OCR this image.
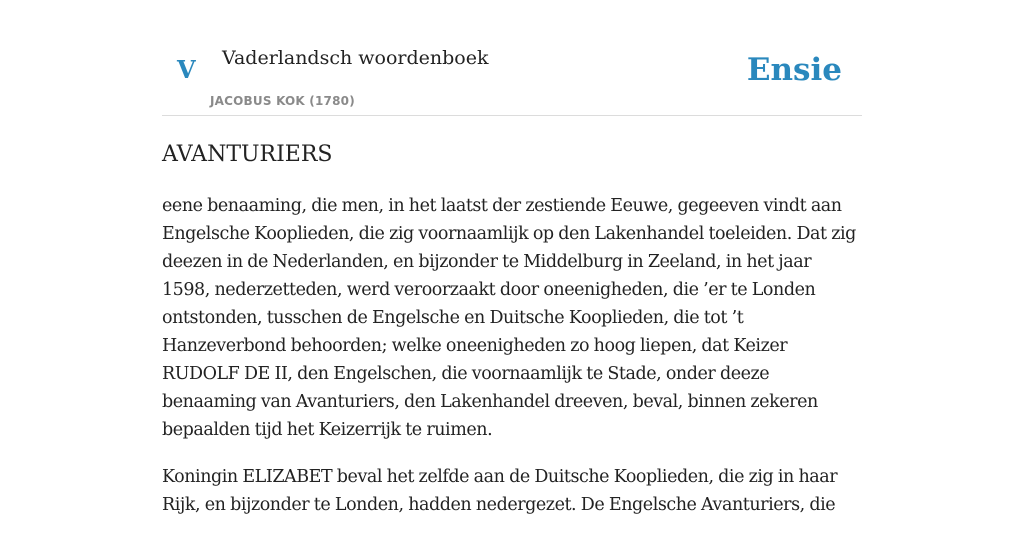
V Vaderlandsch woordenboek
JACOBUS KOK (1780)
Ensie
AVANTURIERS

eene benaaming, die men, in het laatst der zestiende Eeuwe, gegeeven vindt aan Engelsche Kooplieden, die zig voornaamlijk op den Lakenhandel toeleiden. Dat zig deezen in de Nederlanden, en bijzonder te Middelburg in Zeeland, in het jaar 1598, nederzetteden, werd veroorzaakt door oneenigheden, die ’er te Londen ontstonden, tusschen de Engelsche en Duitsche Kooplieden, die tot ’t Hanzeverbond behoorden; welke oneenigheden zo hoog liepen, dat Keizer RUDOLF DE II, den Engelschen, die voornaamlijk te Stade, onder deeze benaaming van Avanturiers, den Lakenhandel dreeven, beval, binnen zekeren bepaalden tijd het Keizerrijk te ruimen.

Koningin ELIZABET beval het zelfde aan de Duitsche Kooplieden, die zig in haar Rijk, en bijzonder te Londen, hadden nedergezet. De Engelsche Avanturiers, die
